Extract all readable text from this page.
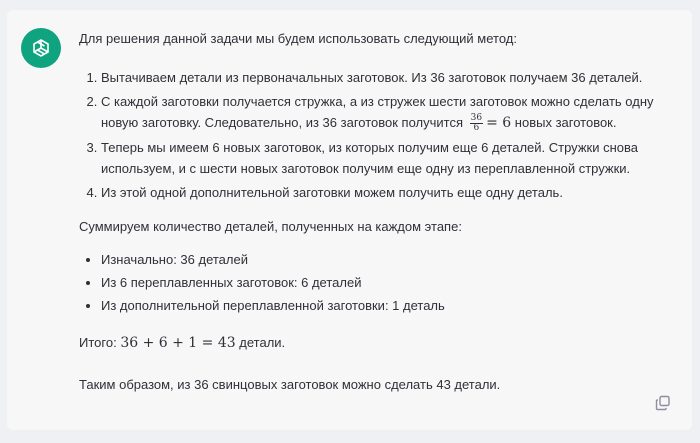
Для решения данной задачи мы будем использовать следующий метод:

1. Вытачиваем детали из первоначальных заготовок. Из 36 заготовок получаем 36 деталей.
2. С каждой заготовки получается стружка, а из стружек шести заготовок можно сделать одну новую заготовку. Следовательно, из 36 заготовок получится $\frac{36}{6} = 6$ новых заготовок.
3. Теперь мы имеем 6 новых заготовок, из которых получим еще 6 деталей. Стружки снова используем, и с шести новых заготовок получим еще одну из переплавленной стружки.
4. Из этой одной дополнительной заготовки можем получить еще одну деталь.

Суммируем количество деталей, полученных на каждом этапе:

• Изначально: 36 деталей
• Из 6 переплавленных заготовок: 6 деталей
• Из дополнительной переплавленной заготовки: 1 деталь

Итого: 36 + 6 + 1 = 43 детали.

Таким образом, из 36 свинцовых заготовок можно сделать 43 детали.
